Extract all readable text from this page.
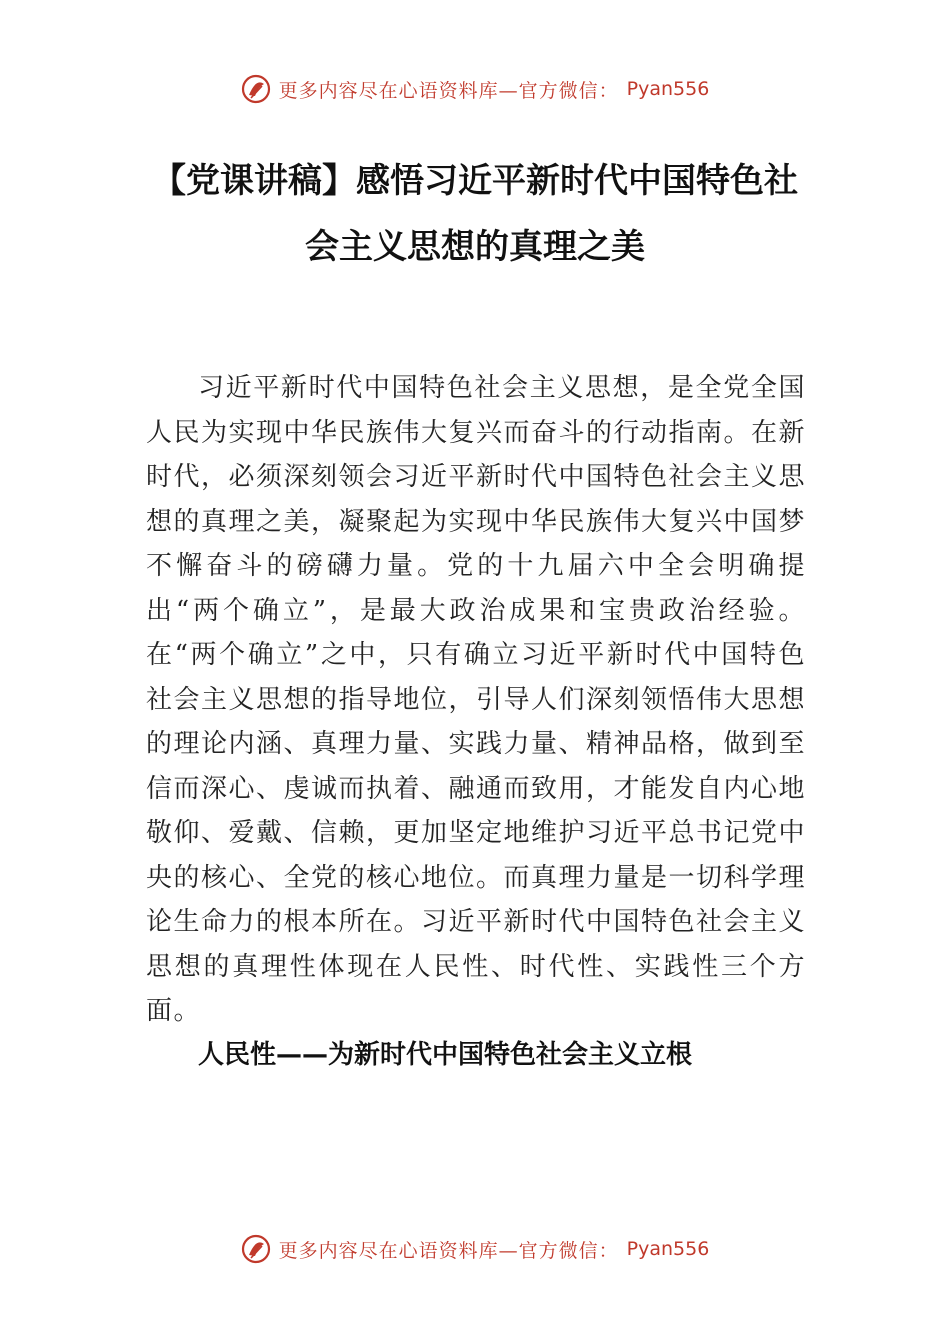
更多内容尽在心语资料库—官方微信： Pyan556
【党课讲稿】感悟习近平新时代中国特色社
会主义思想的真理之美

习近平新时代中国特色社会主义思想，是全党全国人民为实现中华民族伟大复兴而奋斗的行动指南。在新时代，必须深刻领会习近平新时代中国特色社会主义思想的真理之美，凝聚起为实现中华民族伟大复兴中国梦不懈奋斗的磅礴力量。党的十九届六中全会明确提出“两个确立”，是最大政治成果和宝贵政治经验。在“两个确立”之中，只有确立习近平新时代中国特色社会主义思想的指导地位，引导人们深刻领悟伟大思想的理论内涵、真理力量、实践力量、精神品格，做到至信而深心、虔诚而执着、融通而致用，才能发自内心地敬仰、爱戴、信赖，更加坚定地维护习近平总书记党中央的核心、全党的核心地位。而真理力量是一切科学理论生命力的根本所在。习近平新时代中国特色社会主义思想的真理性体现在人民性、时代性、实践性三个方面。

人民性——为新时代中国特色社会主义立根
更多内容尽在心语资料库—官方微信： Pyan556
